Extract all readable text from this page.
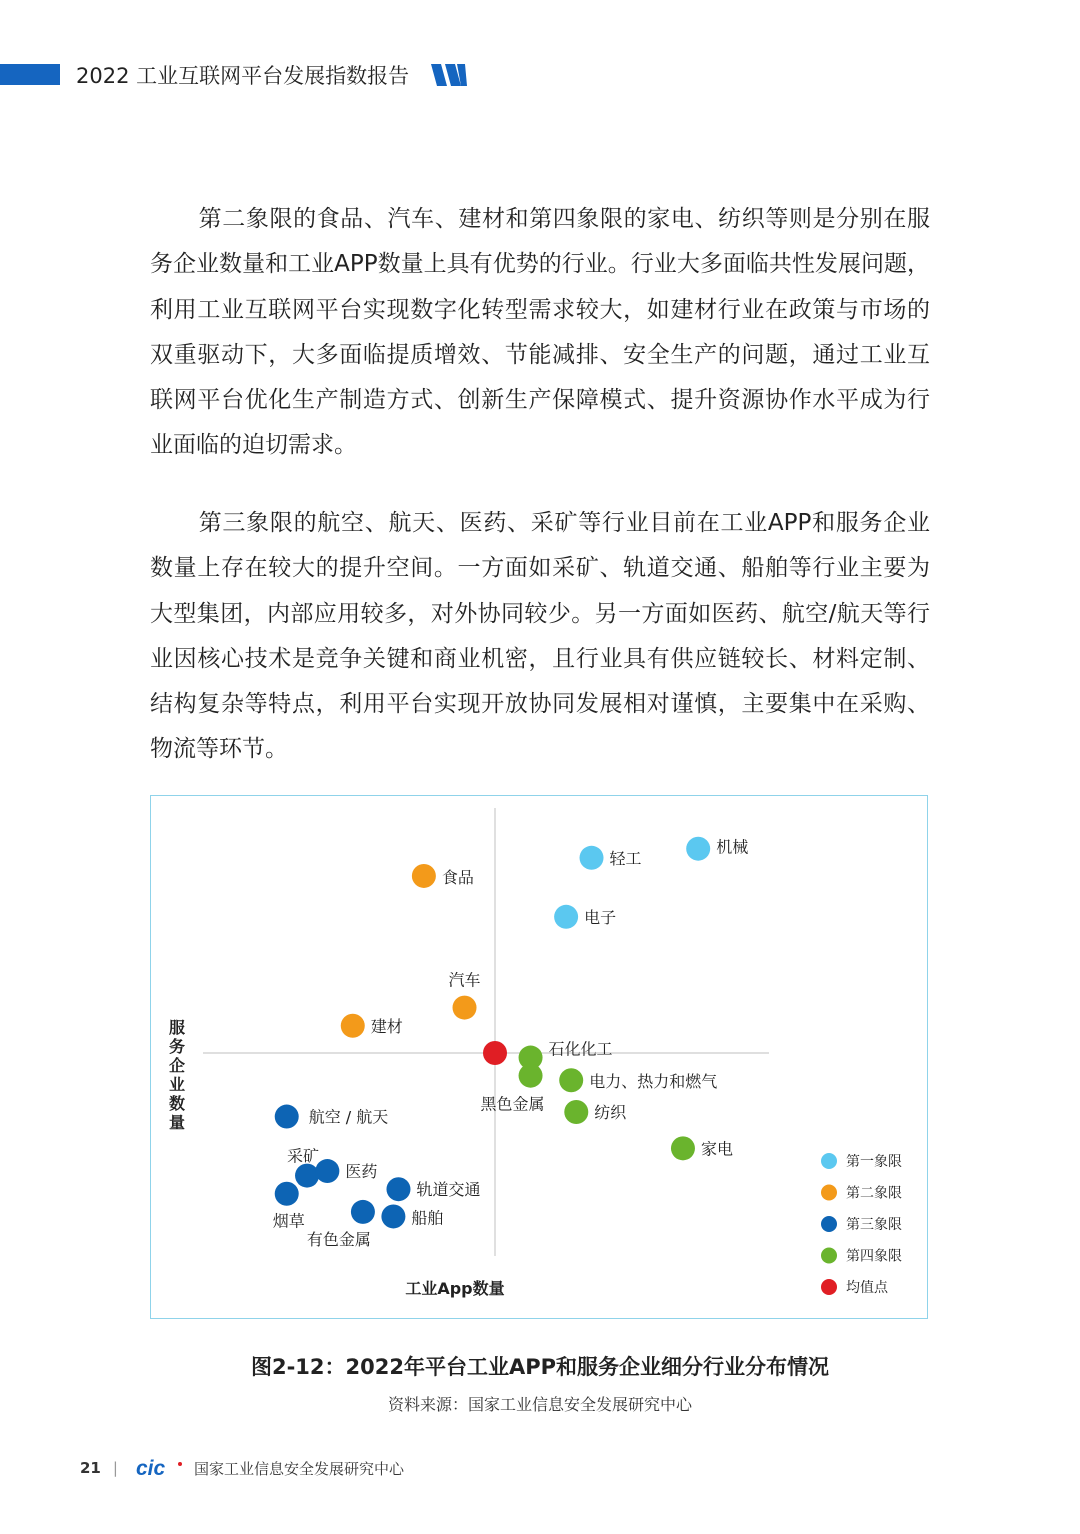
2022 工业互联网平台发展指数报告

第二象限的食品、汽车、建材和第四象限的家电、纺织等则是分别在服务企业数量和工业APP数量上具有优势的行业。行业大多面临共性发展问题，利用工业互联网平台实现数字化转型需求较大，如建材行业在政策与市场的双重驱动下，大多面临提质增效、节能减排、安全生产的问题，通过工业互联网平台优化生产制造方式、创新生产保障模式、提升资源协作水平成为行业面临的迫切需求。

第三象限的航空、航天、医药、采矿等行业目前在工业APP和服务企业数量上存在较大的提升空间。一方面如采矿、轨道交通、船舶等行业主要为大型集团，内部应用较多，对外协同较少。另一方面如医药、航空/航天等行业因核心技术是竞争关键和商业机密，且行业具有供应链较长、材料定制、结构复杂等特点，利用平台实现开放协同发展相对谨慎，主要集中在采购、物流等环节。

轻工
机械
电子
食品
汽车
建材
航空 / 航天
采矿
医药
烟草
轨道交通
有色金属
船舶
石化化工
黑色金属
电力、热力和燃气
纺织
家电
工业App数量
服务企业数量
第一象限
第二象限
第三象限
第四象限
均值点
图2-12：2022年平台工业APP和服务企业细分行业分布情况
资料来源：国家工业信息安全发展研究中心
21 | cic 国家工业信息安全发展研究中心
